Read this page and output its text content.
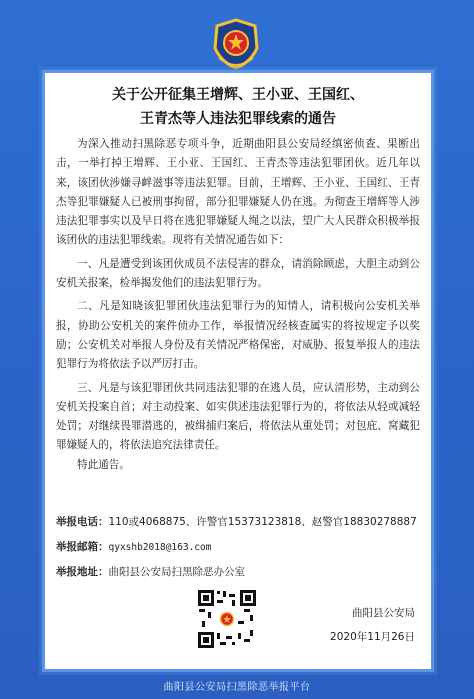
关于公开征集王增辉、王小亚、王国红、
王青杰等人违法犯罪线索的通告

为深入推动扫黑除恶专项斗争，近期曲阳县公安局经缜密侦查、果断出击，一举打掉王增辉、王小亚、王国红、王青杰等违法犯罪团伙。近几年以来，该团伙涉嫌寻衅滋事等违法犯罪。目前，王增辉、王小亚、王国红、王青杰等犯罪嫌疑人已被刑事拘留，部分犯罪嫌疑人仍在逃。为彻查王增辉等人涉违法犯罪事实以及早日将在逃犯罪嫌疑人绳之以法，望广大人民群众积极举报该团伙的违法犯罪线索。现将有关情况通告如下：

一、凡是遭受到该团伙成员不法侵害的群众，请消除顾虑，大胆主动到公安机关报案，检举揭发他们的违法犯罪行为。

二、凡是知晓该犯罪团伙违法犯罪行为的知情人，请积极向公安机关举报，协助公安机关的案件侦办工作，举报情况经核查属实的将按规定予以奖励；公安机关对举报人身份及有关情况严格保密，对威胁、报复举报人的违法犯罪行为将依法予以严厉打击。

三、凡是与该犯罪团伙共同违法犯罪的在逃人员，应认清形势，主动到公安机关投案自首；对主动投案、如实供述违法犯罪行为的，将依法从轻或减轻处罚；对继续畏罪潜逃的，被缉捕归案后，将依法从重处罚；对包庇、窝藏犯罪嫌疑人的，将依法追究法律责任。

特此通告。

举报电话：110或4068875、许警官15373123818、赵警官18830278887
举报邮箱：qyxshb2018@163.com
举报地址：曲阳县公安局扫黑除恶办公室
曲阳县公安局
2020年11月26日
曲阳县公安局扫黑除恶举报平台
